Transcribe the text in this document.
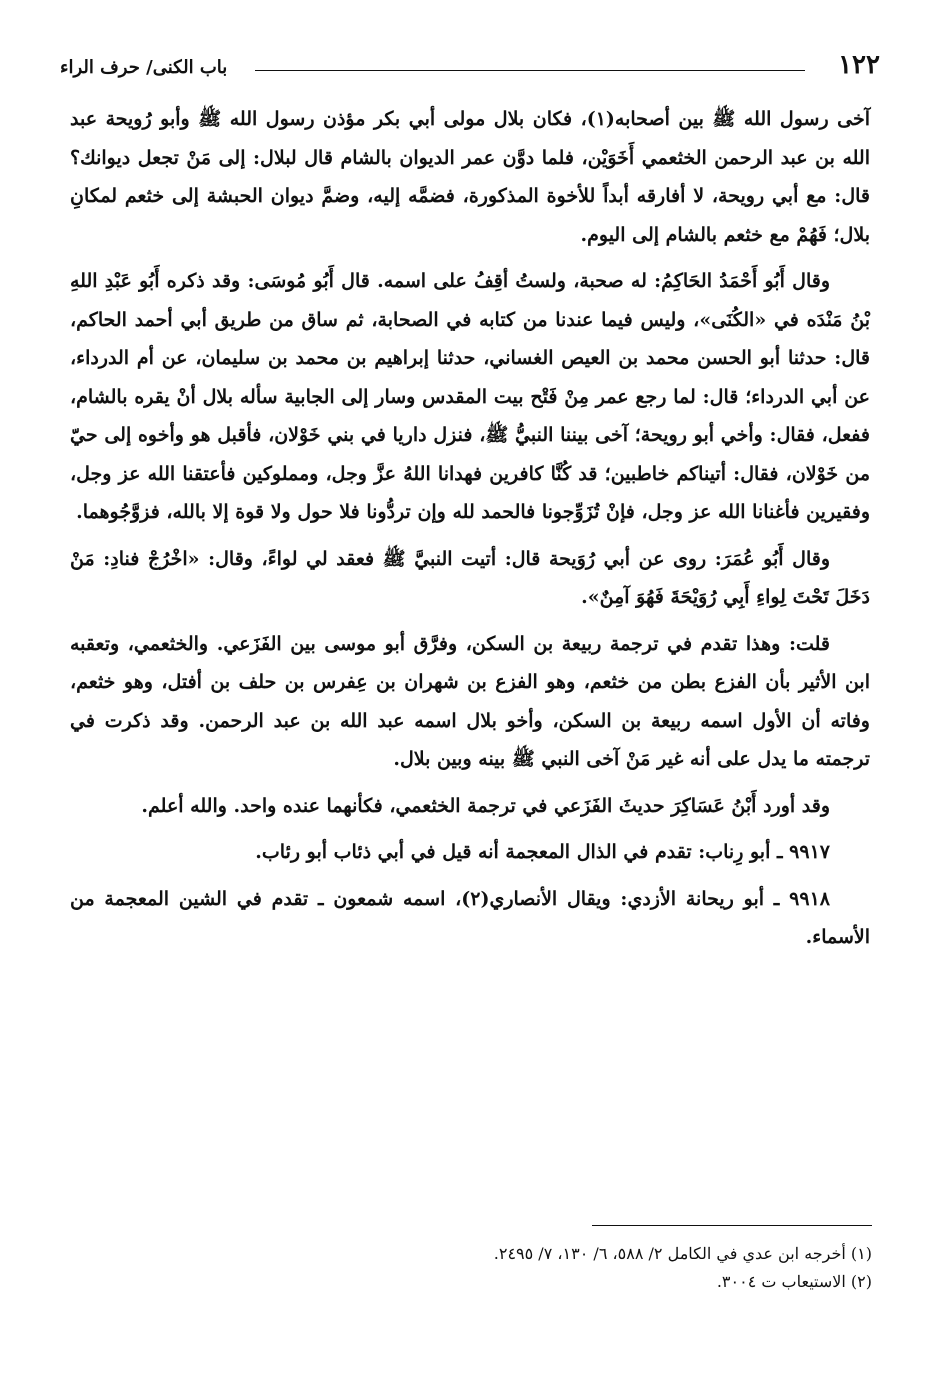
١٢٢
باب الكنى/ حرف الراء

آخى رسول الله ﷺ بين أصحابه(١)، فكان بلال مولى أبي بكر مؤذن رسول الله ﷺ وأبو رُويحة عبد الله بن عبد الرحمن الخثعمي أَخَوَيْن، فلما دوَّن عمر الديوان بالشام قال لبلال: إلى مَنْ تجعل ديوانك؟ قال: مع أبي رويحة، لا أفارقه أبداً للأخوة المذكورة، فضمَّه إليه، وضمَّ ديوان الحبشة إلى خثعم لمكانِ بلال؛ فَهُمْ مع خثعم بالشام إلى اليوم.

وقال أَبُو أَحْمَدُ الحَاكِمُ: له صحبة، ولستُ أقِفُ على اسمه. قال أَبُو مُوسَى: وقد ذكره أَبُو عَبْدِ اللهِ بْنُ مَنْدَه في «الكُنَى»، وليس فيما عندنا من كتابه في الصحابة، ثم ساق من طريق أبي أحمد الحاكم، قال: حدثنا أبو الحسن محمد بن العيص الغساني، حدثنا إبراهيم بن محمد بن سليمان، عن أم الدرداء، عن أبي الدرداء؛ قال: لما رجع عمر مِنْ فَتْح بيت المقدس وسار إلى الجابية سأله بلال أنْ يقره بالشام، ففعل، فقال: وأخي أبو رويحة؛ آخى بيننا النبيُّ ﷺ، فنزل داريا في بني خَوْلان، فأقبل هو وأخوه إلى حيّ من خَوْلان، فقال: أتيناكم خاطبين؛ قد كُنَّا كافرين فهدانا اللهُ عزَّ وجل، ومملوكين فأعتقنا الله عز وجل، وفقيرين فأغنانا الله عز وجل، فإنْ تُزَوِّجونا فالحمد لله وإن تردُّونا فلا حول ولا قوة إلا بالله، فزوَّجُوهما.

وقال أَبُو عُمَرَ: روى عن أبي رُوَيحة قال: أتيت النبيَّ ﷺ فعقد لي لواءً، وقال: «اخْرُجْ فنادِ: مَنْ دَخَلَ تَحْتَ لِواءِ أَبِي رُوَيْحَةَ فَهُوَ آمِنٌ».

قلت: وهذا تقدم في ترجمة ربيعة بن السكن، وفرَّق أبو موسى بين الفَزَعي. والخثعمي، وتعقبه ابن الأثير بأن الفزع بطن من خثعم، وهو الفزع بن شهران بن عِفرس بن حلف بن أفتل، وهو خثعم، وفاته أن الأول اسمه ربيعة بن السكن، وأخو بلال اسمه عبد الله بن عبد الرحمن. وقد ذكرت في ترجمته ما يدل على أنه غير مَنْ آخى النبي ﷺ بينه وبين بلال.

وقد أورد أَبْنُ عَسَاكِرَ حديثَ الفَزَعي في ترجمة الخثعمي، فكأنهما عنده واحد. والله أعلم.

٩٩١٧ ـ أبو رِناب: تقدم في الذال المعجمة أنه قيل في أبي ذئاب أبو رئاب.

٩٩١٨ ـ أبو ريحانة الأزدي: ويقال الأنصاري(٢)، اسمه شمعون ـ تقدم في الشين المعجمة من الأسماء.

(١) أخرجه ابن عدي في الكامل ٢/ ٥٨٨، ٦/ ١٣٠، ٧/ ٢٤٩٥.

(٢) الاستيعاب ت ٣٠٠٤.
